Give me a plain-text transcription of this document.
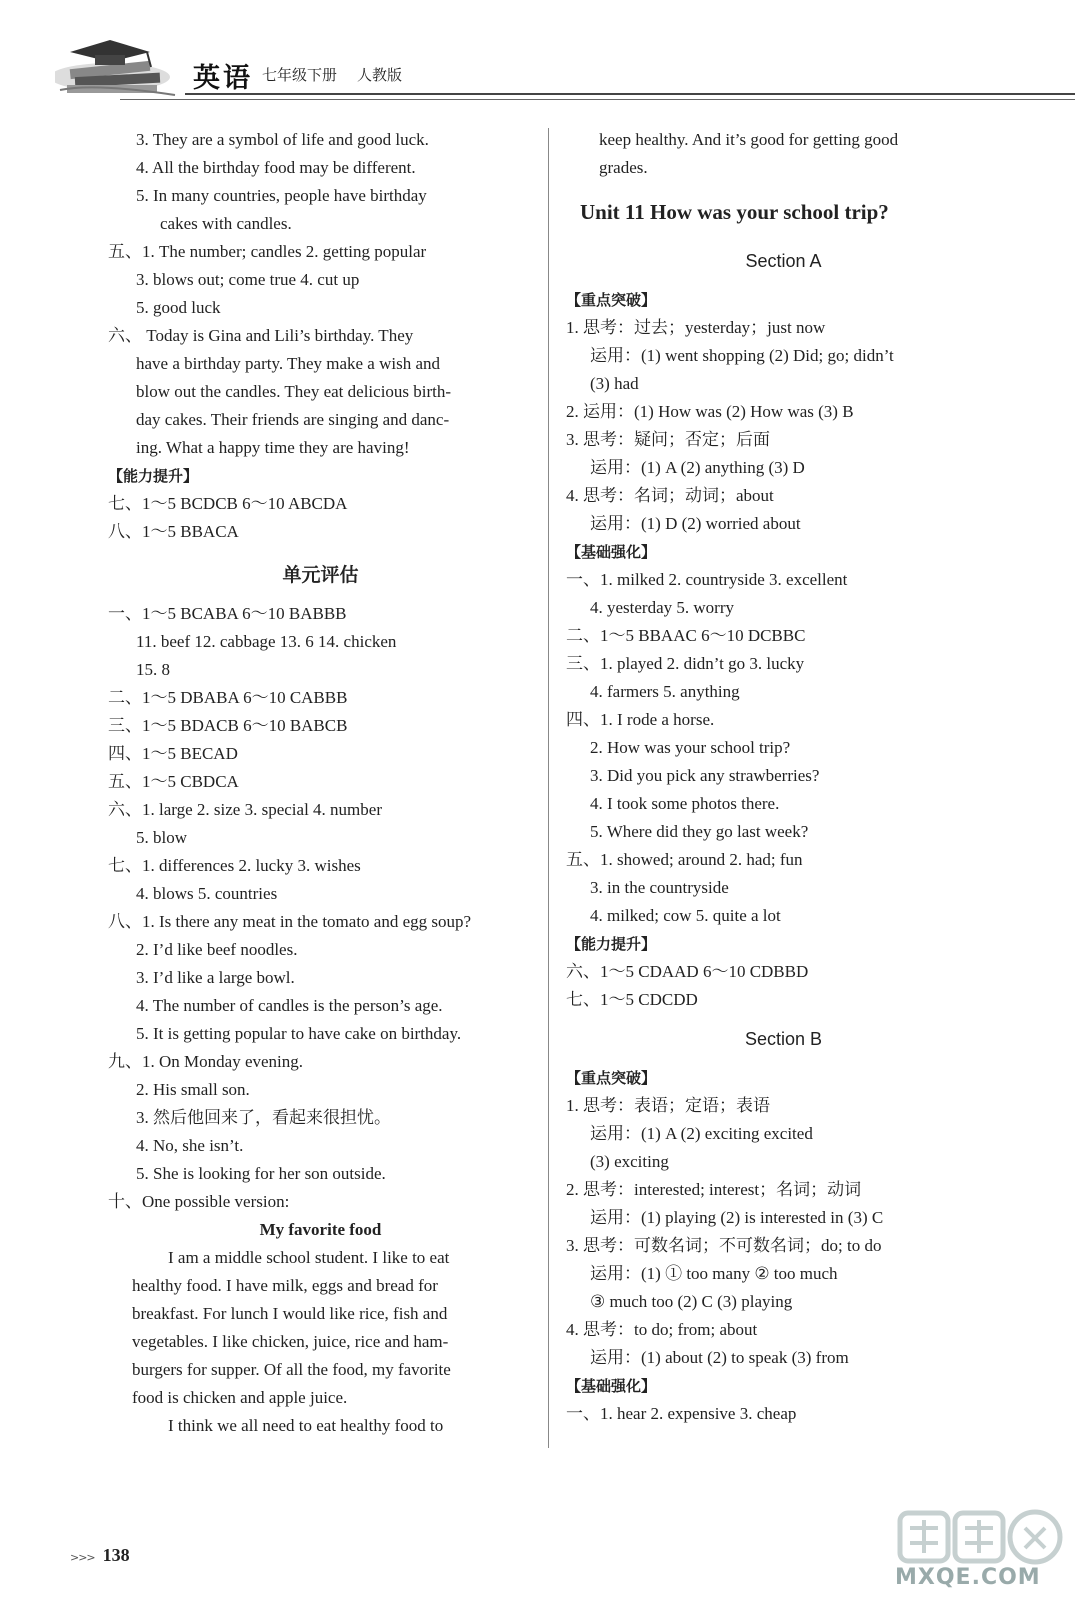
英语 七年级下册 人教版
3. They are a symbol of life and good luck.
4. All the birthday food may be different.
5. In many countries, people have birthday
cakes with candles.
五、1. The number; candles 2. getting popular
3. blows out; come true 4. cut up
5. good luck
六、 Today is Gina and Lili’s birthday. They
have a birthday party. They make a wish and
blow out the candles. They eat delicious birth-
day cakes. Their friends are singing and danc-
ing. What a happy time they are having!
【能力提升】
七、1～5 BCDCB 6～10 ABCDA
八、1～5 BBACA
单元评估
一、1～5 BCABA 6～10 BABBB
11. beef 12. cabbage 13. 6 14. chicken
15. 8
二、1～5 DBABA 6～10 CABBB
三、1～5 BDACB 6～10 BABCB
四、1～5 BECAD
五、1～5 CBDCA
六、1. large 2. size 3. special 4. number
5. blow
七、1. differences 2. lucky 3. wishes
4. blows 5. countries
八、1. Is there any meat in the tomato and egg soup?
2. I’d like beef noodles.
3. I’d like a large bowl.
4. The number of candles is the person’s age.
5. It is getting popular to have cake on birthday.
九、1. On Monday evening.
2. His small son.
3. 然后他回来了，看起来很担忧。
4. No, she isn’t.
5. She is looking for her son outside.
十、One possible version:
My favorite food
I am a middle school student. I like to eat
healthy food. I have milk, eggs and bread for
breakfast. For lunch I would like rice, fish and
vegetables. I like chicken, juice, rice and ham-
burgers for supper. Of all the food, my favorite
food is chicken and apple juice.
I think we all need to eat healthy food to
keep healthy. And it’s good for getting good
grades.
Unit 11 How was your school trip?
Section A
【重点突破】
1. 思考：过去；yesterday；just now
运用：(1) went shopping (2) Did; go; didn’t
(3) had
2. 运用：(1) How was (2) How was (3) B
3. 思考：疑问；否定；后面
运用：(1) A (2) anything (3) D
4. 思考：名词；动词；about
运用：(1) D (2) worried about
【基础强化】
一、1. milked 2. countryside 3. excellent
4. yesterday 5. worry
二、1～5 BBAAC 6～10 DCBBC
三、1. played 2. didn’t go 3. lucky
4. farmers 5. anything
四、1. I rode a horse.
2. How was your school trip?
3. Did you pick any strawberries?
4. I took some photos there.
5. Where did they go last week?
五、1. showed; around 2. had; fun
3. in the countryside
4. milked; cow 5. quite a lot
【能力提升】
六、1～5 CDAAD 6～10 CDBBD
七、1～5 CDCDD
Section B
【重点突破】
1. 思考：表语；定语；表语
运用：(1) A (2) exciting excited
(3) exciting
2. 思考：interested; interest；名词；动词
运用：(1) playing (2) is interested in (3) C
3. 思考：可数名词；不可数名词；do; to do
运用：(1) ① too many ② too much
③ much too (2) C (3) playing
4. 思考：to do; from; about
运用：(1) about (2) to speak (3) from
【基础强化】
一、1. hear 2. expensive 3. cheap
>>> 138
MXQE.COM
